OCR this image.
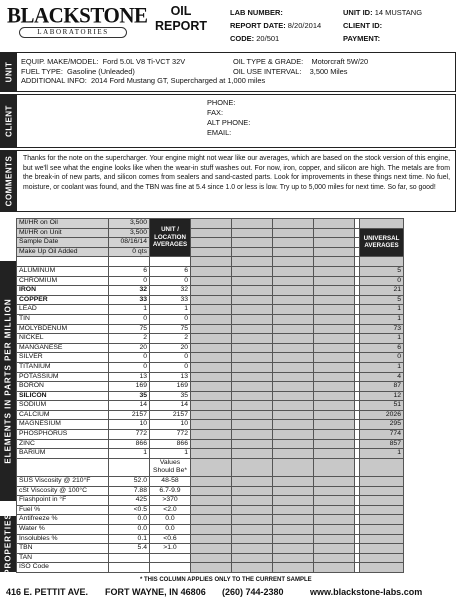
BLACKSTONE
LABORATORIES
OIL
REPORT
LAB NUMBER:
REPORT DATE: 8/20/2014
CODE: 20/501
UNIT ID: 14 MUSTANG
CLIENT ID:
PAYMENT:
UNIT
EQUIP. MAKE/MODEL: Ford 5.0L V8 Ti-VCT 32V
FUEL TYPE: Gasoline (Unleaded)
ADDITIONAL INFO: 2014 Ford Mustang GT, Supercharged at 1,000 miles
OIL TYPE & GRADE: Motorcraft 5W/20
OIL USE INTERVAL: 3,500 Miles
CLIENT
PHONE:
FAX:
ALT PHONE:
EMAIL:
COMMENTS Thanks for the note on the supercharger. Your engine might not wear like our averages, which are based on the stock version of this engine, but we'll see what the engine looks like when the wear-in stuff washes out. For now, iron, copper, and silicon are high. The metals are from the break-in of new parts, and silicon comes from sealers and sand-casted parts. Look for improvements in these things next time. No fuel, moisture, or coolant was found, and the TBN was fine at 5.4 since 1.0 or less is low. Try up to 5,000 miles for next time. So far, so good!
ELEMENTS IN PARTS PER MILLION
PROPERTIES
MI/HR on Oil	3,500	UNIT / LOCATION AVERAGES						
MI/HR on Unit	3,500							UNIVERSAL AVERAGES
Sample Date	08/16/14							
Make Up Oil Added	0 qts							

ALUMINUM	6	6						5
CHROMIUM	0	0						0
IRON	32	32						21
COPPER	33	33						5
LEAD	1	1						1
TIN	0	0						1
MOLYBDENUM	75	75						73
NICKEL	2	2						1
MANGANESE	20	20						6
SILVER	0	0						0
TITANIUM	0	0						1
POTASSIUM	13	13						4
BORON	169	169						87
SILICON	35	35						12
SODIUM	14	14						51
CALCIUM	2157	2157						2026
MAGNESIUM	10	10						295
PHOSPHORUS	772	772						774
ZINC	866	866						857
BARIUM	1	1						1
		Values Should Be*						
SUS Viscosity @ 210°F	52.0	48-58						
cSt Viscosity @ 100°C	7.88	6.7-9.9						
Flashpoint in °F	425	>370						
Fuel %	<0.5	<2.0						
Antifreeze %	0.0	0.0						
Water %	0.0	0.0						
Insolubles %	0.1	<0.6						
TBN	5.4	>1.0						
TAN								
ISO Code								
* THIS COLUMN APPLIES ONLY TO THE CURRENT SAMPLE
416 E. PETTIT AVE. FORT WAYNE, IN 46806 (260) 744-2380	www.blackstone-labs.com
